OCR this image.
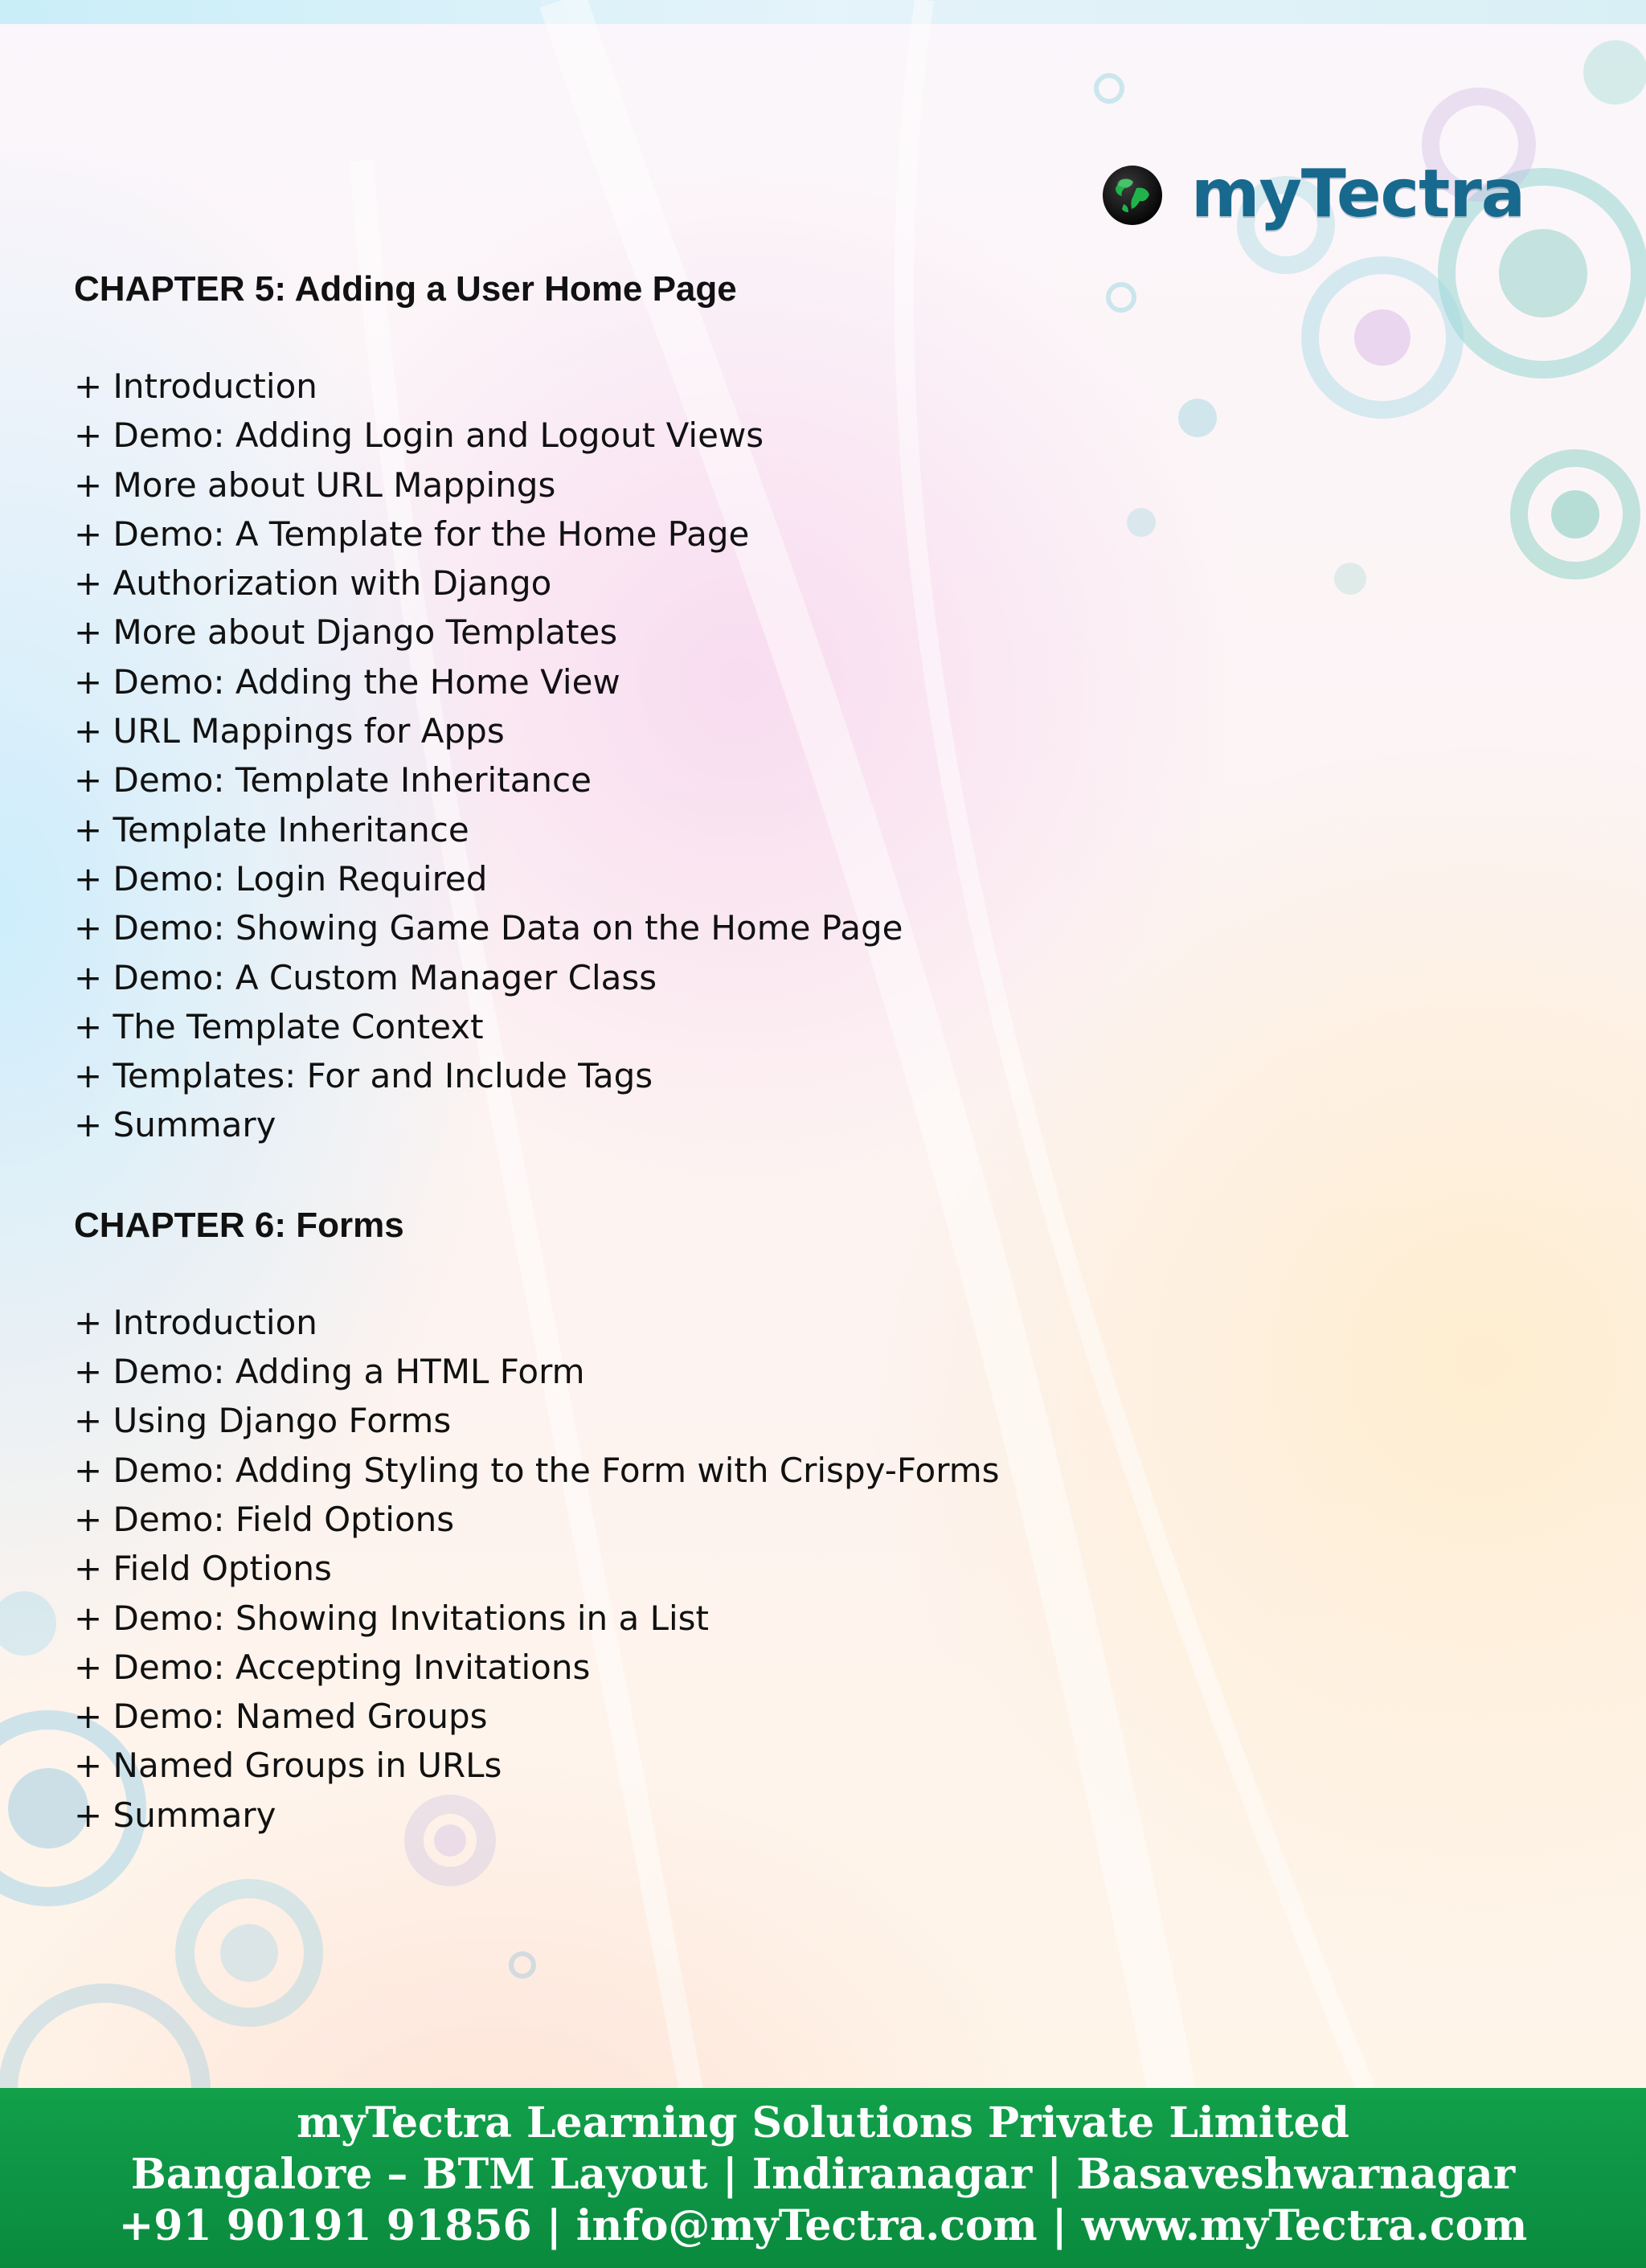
myTectra
CHAPTER 5: Adding a User Home Page
+ Introduction
+ Demo: Adding Login and Logout Views
+ More about URL Mappings
+ Demo: A Template for the Home Page
+ Authorization with Django
+ More about Django Templates
+ Demo: Adding the Home View
+ URL Mappings for Apps
+ Demo: Template Inheritance
+ Template Inheritance
+ Demo: Login Required
+ Demo: Showing Game Data on the Home Page
+ Demo: A Custom Manager Class
+ The Template Context
+ Templates: For and Include Tags
+ Summary
CHAPTER 6: Forms
+ Introduction
+ Demo: Adding a HTML Form
+ Using Django Forms
+ Demo: Adding Styling to the Form with Crispy-Forms
+ Demo: Field Options
+ Field Options
+ Demo: Showing Invitations in a List
+ Demo: Accepting Invitations
+ Demo: Named Groups
+ Named Groups in URLs
+ Summary
myTectra Learning Solutions Private Limited
Bangalore – BTM Layout | Indiranagar | Basaveshwarnagar
+91 90191 91856 | info@myTectra.com | www.myTectra.com
